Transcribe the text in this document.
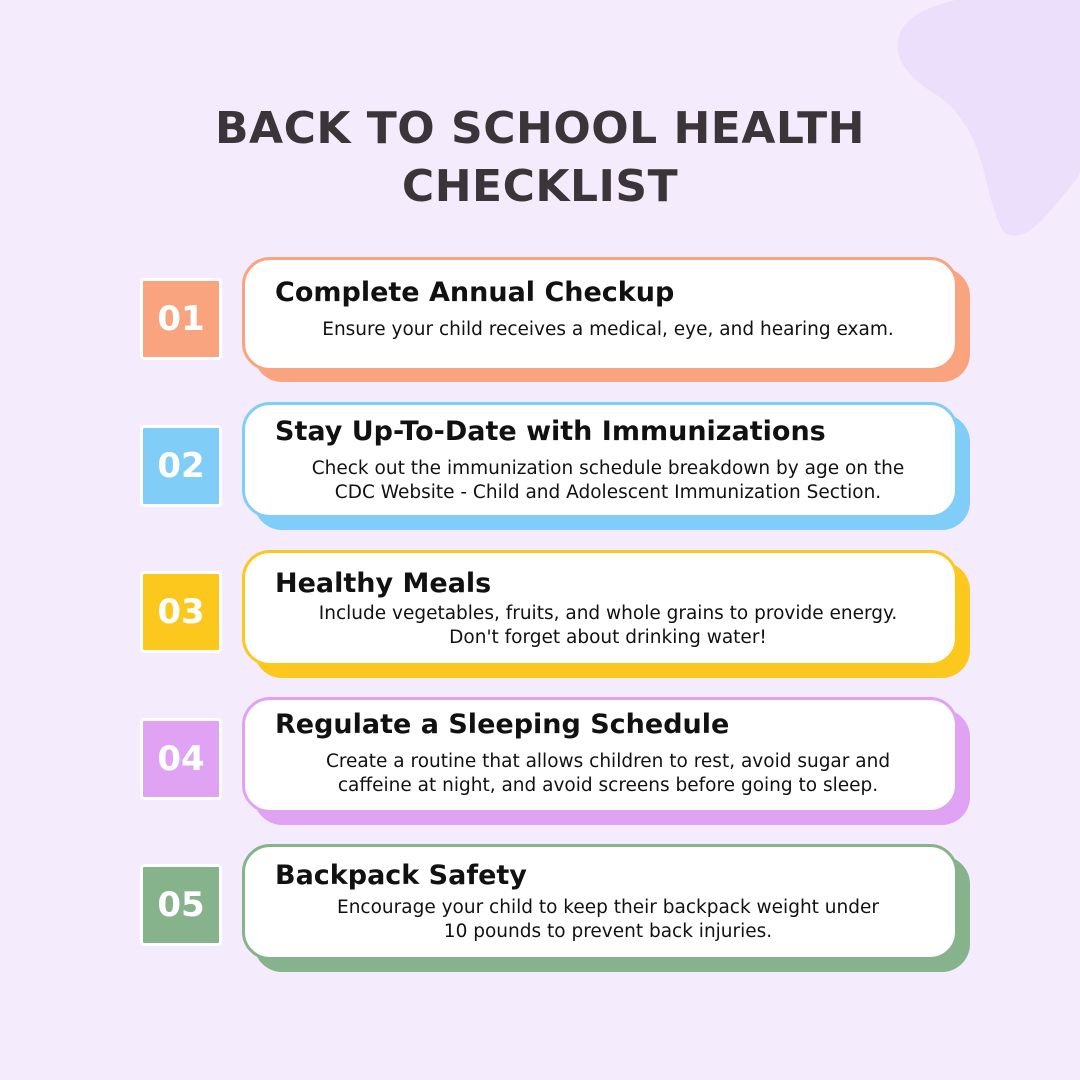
BACK TO SCHOOL HEALTH
CHECKLIST
01
Complete Annual Checkup
Ensure your child receives a medical, eye, and hearing exam.
02
Stay Up-To-Date with Immunizations
Check out the immunization schedule breakdown by age on the
CDC Website - Child and Adolescent Immunization Section.
03
Healthy Meals
Include vegetables, fruits, and whole grains to provide energy.
Don't forget about drinking water!
04
Regulate a Sleeping Schedule
Create a routine that allows children to rest, avoid sugar and
caffeine at night, and avoid screens before going to sleep.
05
Backpack Safety
Encourage your child to keep their backpack weight under
10 pounds to prevent back injuries.
